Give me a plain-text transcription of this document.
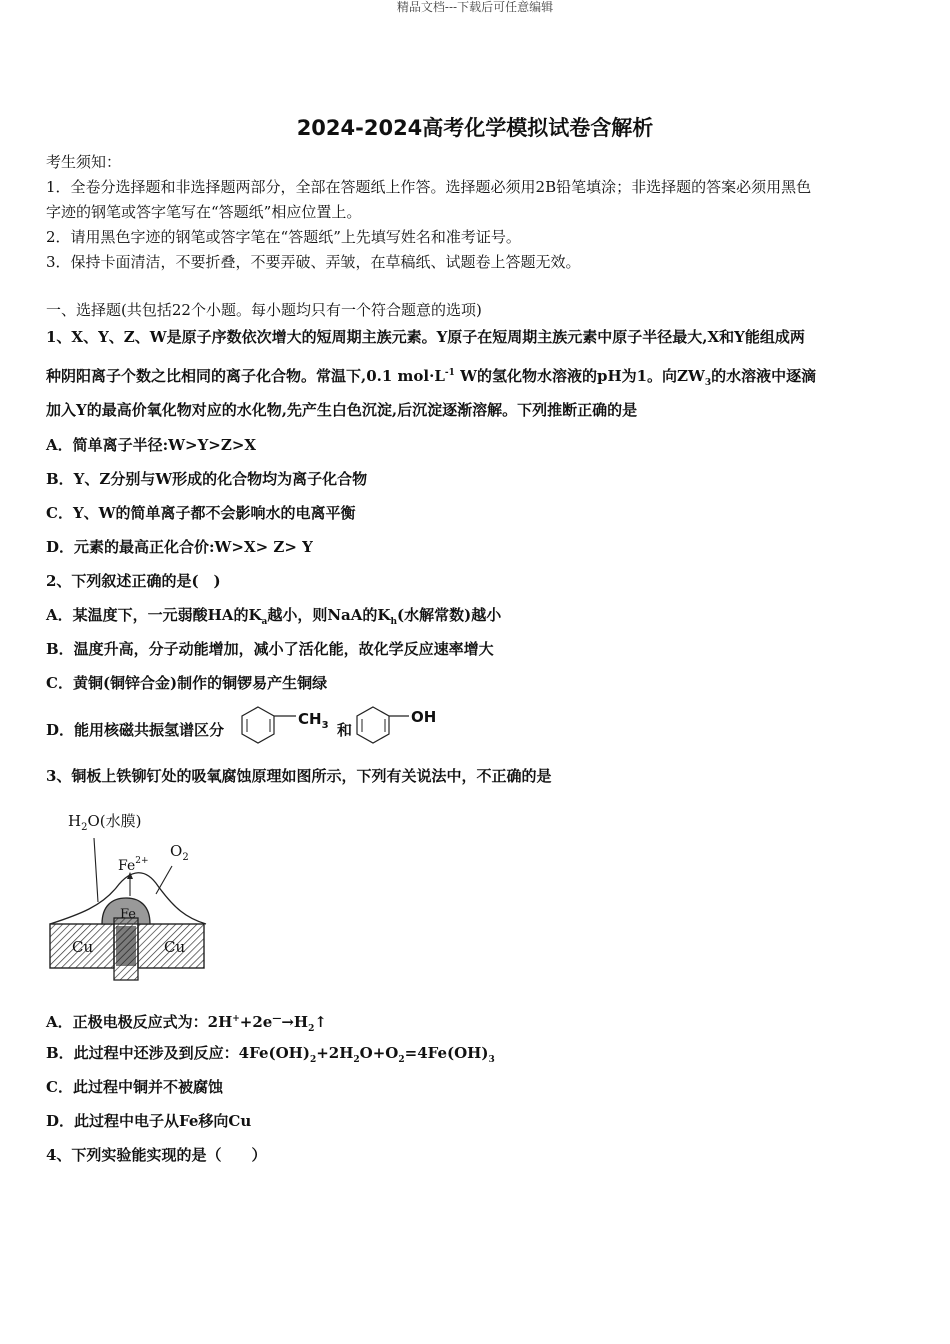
精品文档---下载后可任意编辑
2024-2024高考化学模拟试卷含解析
考生须知：
1．全卷分选择题和非选择题两部分，全部在答题纸上作答。选择题必须用2B铅笔填涂；非选择题的答案必须用黑色
字迹的钢笔或答字笔写在“答题纸”相应位置上。
2．请用黑色字迹的钢笔或答字笔在“答题纸”上先填写姓名和准考证号。
3．保持卡面清洁，不要折叠，不要弄破、弄皱，在草稿纸、试题卷上答题无效。
一、选择题(共包括22个小题。每小题均只有一个符合题意的选项)
1、X、Y、Z、W是原子序数依次增大的短周期主族元素。Y原子在短周期主族元素中原子半径最大,X和Y能组成两
种阴阳离子个数之比相同的离子化合物。常温下,0.1 $mol\cdot L^{-1}$ W的氢化物水溶液的pH为1。向$ZW_3$的水溶液中逐滴
加入Y的最高价氧化物对应的水化物,先产生白色沉淀,后沉淀逐渐溶解。下列推断正确的是
A．简单离子半径:W>Y>Z>X
B．Y、Z分别与W形成的化合物均为离子化合物
C．Y、W的简单离子都不会影响水的电离平衡
D．元素的最高正化合价:W>X> Z> Y
2、下列叙述正确的是(　)
A．某温度下，一元弱酸HA的$K_a$越小，则NaA的$K_h$(水解常数)越小
B．温度升高，分子动能增加，减小了活化能，故化学反应速率增大
C．黄铜(铜锌合金)制作的铜锣易产生铜绿
D．能用核磁共振氢谱区分
$CH_3$ 和
OH
3、铜板上铁铆钉处的吸氧腐蚀原理如图所示，下列有关说法中，不正确的是
$H_2O$(水膜)
$O_2$
$Fe^{2+}$
Fe
Cu	Cu
A．正极电极反应式为：$2H^++2e^—\to H_2↑$
B．此过程中还涉及到反应：$4Fe(OH)_2+2H_2O+O_2=4Fe(OH)_3$
C．此过程中铜并不被腐蚀
D．此过程中电子从Fe移向Cu
4、下列实验能实现的是（　　）
